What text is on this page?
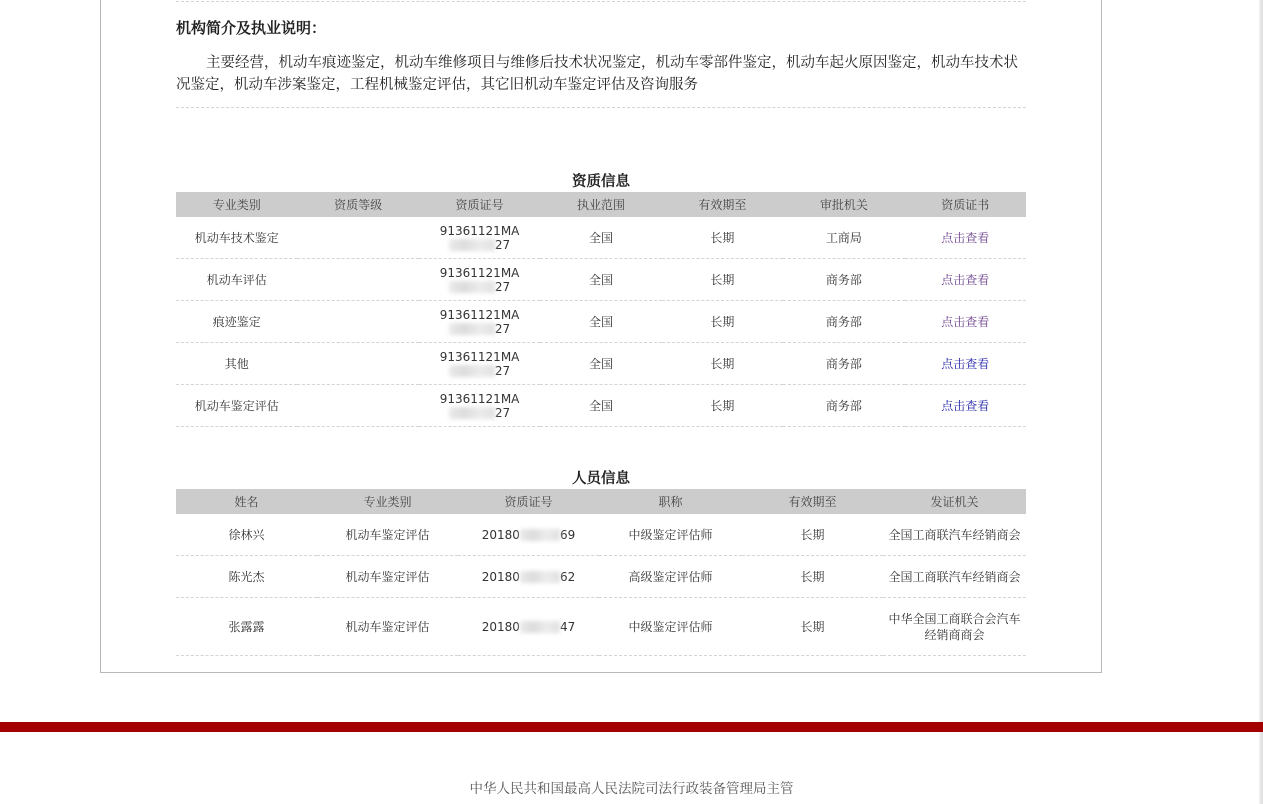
机构简介及执业说明：
主要经营，机动车痕迹鉴定，机动车维修项目与维修后技术状况鉴定，机动车零部件鉴定，机动车起火原因鉴定，机动车技术状况鉴定，机动车涉案鉴定，工程机械鉴定评估，其它旧机动车鉴定评估及咨询服务
资质信息
专业类别	资质等级	资质证号	执业范围	有效期至	审批机关	资质证书
机动车技术鉴定		91361121MA27	全国	长期	工商局	点击查看
机动车评估		91361121MA27	全国	长期	商务部	点击查看
痕迹鉴定		91361121MA27	全国	长期	商务部	点击查看
其他		91361121MA27	全国	长期	商务部	点击查看
机动车鉴定评估		91361121MA27	全国	长期	商务部	点击查看
人员信息
姓名	专业类别	资质证号	职称	有效期至	发证机关
徐林兴	机动车鉴定评估	20180 69	中级鉴定评估师	长期	全国工商联汽车经销商会
陈光杰	机动车鉴定评估	20180 62	高级鉴定评估师	长期	全国工商联汽车经销商会
张露露	机动车鉴定评估	20180 47	中级鉴定评估师	长期	中华全国工商联合会汽车经销商商会
中华人民共和国最高人民法院司法行政装备管理局主管
